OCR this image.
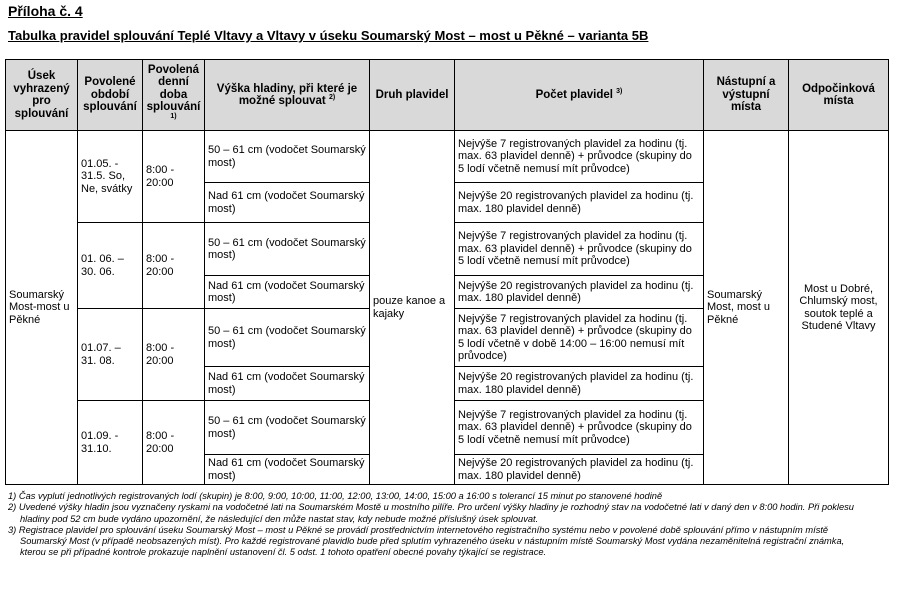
Příloha č. 4
Tabulka pravidel splouvání Teplé Vltavy a Vltavy v úseku Soumarský Most – most u Pěkné – varianta 5B
Úsek vyhrazený pro splouvání	Povolené období splouvání	Povolená denní doba splouvání
1)	Výška hladiny, při které je možné splouvat $^{2)}$	Druh plavidel	Počet plavidel $^{3)}$	Nástupní a výstupní místa	Odpočinková místa
Soumarský Most-most u Pěkné	01.05. - 31.5. So, Ne, svátky	8:00 - 20:00	50 – 61 cm (vodočet Soumarský most)	pouze kanoe a kajaky	Nejvýše 7 registrovaných plavidel za hodinu (tj. max. 63 plavidel denně) + průvodce (skupiny do 5 lodí včetně nemusí mít průvodce)	Soumarský Most, most u Pěkné	Most u Dobré, Chlumský most, soutok teplé a Studené Vltavy
			Nad 61 cm (vodočet Soumarský most)		Nejvýše 20 registrovaných plavidel za hodinu (tj. max. 180 plavidel denně)		
	01. 06. – 30. 06.	8:00 - 20:00	50 – 61 cm (vodočet Soumarský most)		Nejvýše 7 registrovaných plavidel za hodinu (tj. max. 63 plavidel denně) + průvodce (skupiny do 5 lodí včetně nemusí mít průvodce)		
			Nad 61 cm (vodočet Soumarský most)		Nejvýše 20 registrovaných plavidel za hodinu (tj. max. 180 plavidel denně)		
	01.07. – 31. 08.	8:00 - 20:00	50 – 61 cm (vodočet Soumarský most)		Nejvýše 7 registrovaných plavidel za hodinu (tj. max. 63 plavidel denně) + průvodce (skupiny do 5 lodí včetně v době 14:00 – 16:00 nemusí mít průvodce)		
			Nad 61 cm (vodočet Soumarský most)		Nejvýše 20 registrovaných plavidel za hodinu (tj. max. 180 plavidel denně)		
	01.09. - 31.10.	8:00 - 20:00	50 – 61 cm (vodočet Soumarský most)		Nejvýše 7 registrovaných plavidel za hodinu (tj. max. 63 plavidel denně) + průvodce (skupiny do 5 lodí včetně nemusí mít průvodce)		
			Nad 61 cm (vodočet Soumarský most)		Nejvýše 20 registrovaných plavidel za hodinu (tj. max. 180 plavidel denně)		

1) Čas vyplutí jednotlivých registrovaných lodí (skupin) je 8:00, 9:00, 10:00, 11:00, 12:00, 13:00, 14:00, 15:00 a 16:00 s tolerancí 15 minut po stanovené hodině

2) Uvedené výšky hladin jsou vyznačeny ryskami na vodočetné lati na Soumarském Mostě u mostního pilíře. Pro určení výšky hladiny je rozhodný stav na vodočetné lati v daný den v 8:00 hodin. Při poklesu hladiny pod 52 cm bude vydáno upozornění, že následující den může nastat stav, kdy nebude možné příslušný úsek splouvat.

3) Registrace plavidel pro splouvání úseku Soumarský Most – most u Pěkné se provádí prostřednictvím internetového registračního systému nebo v povolené době splouvání přímo v nástupním místě Soumarský Most (v případě neobsazených míst). Pro každé registrované plavidlo bude před splutím vyhrazeného úseku v nástupním místě Soumarský Most vydána nezaměnitelná registrační známka, kterou se při případné kontrole prokazuje naplnění ustanovení čl. 5 odst. 1 tohoto opatření obecné povahy týkající se registrace.
